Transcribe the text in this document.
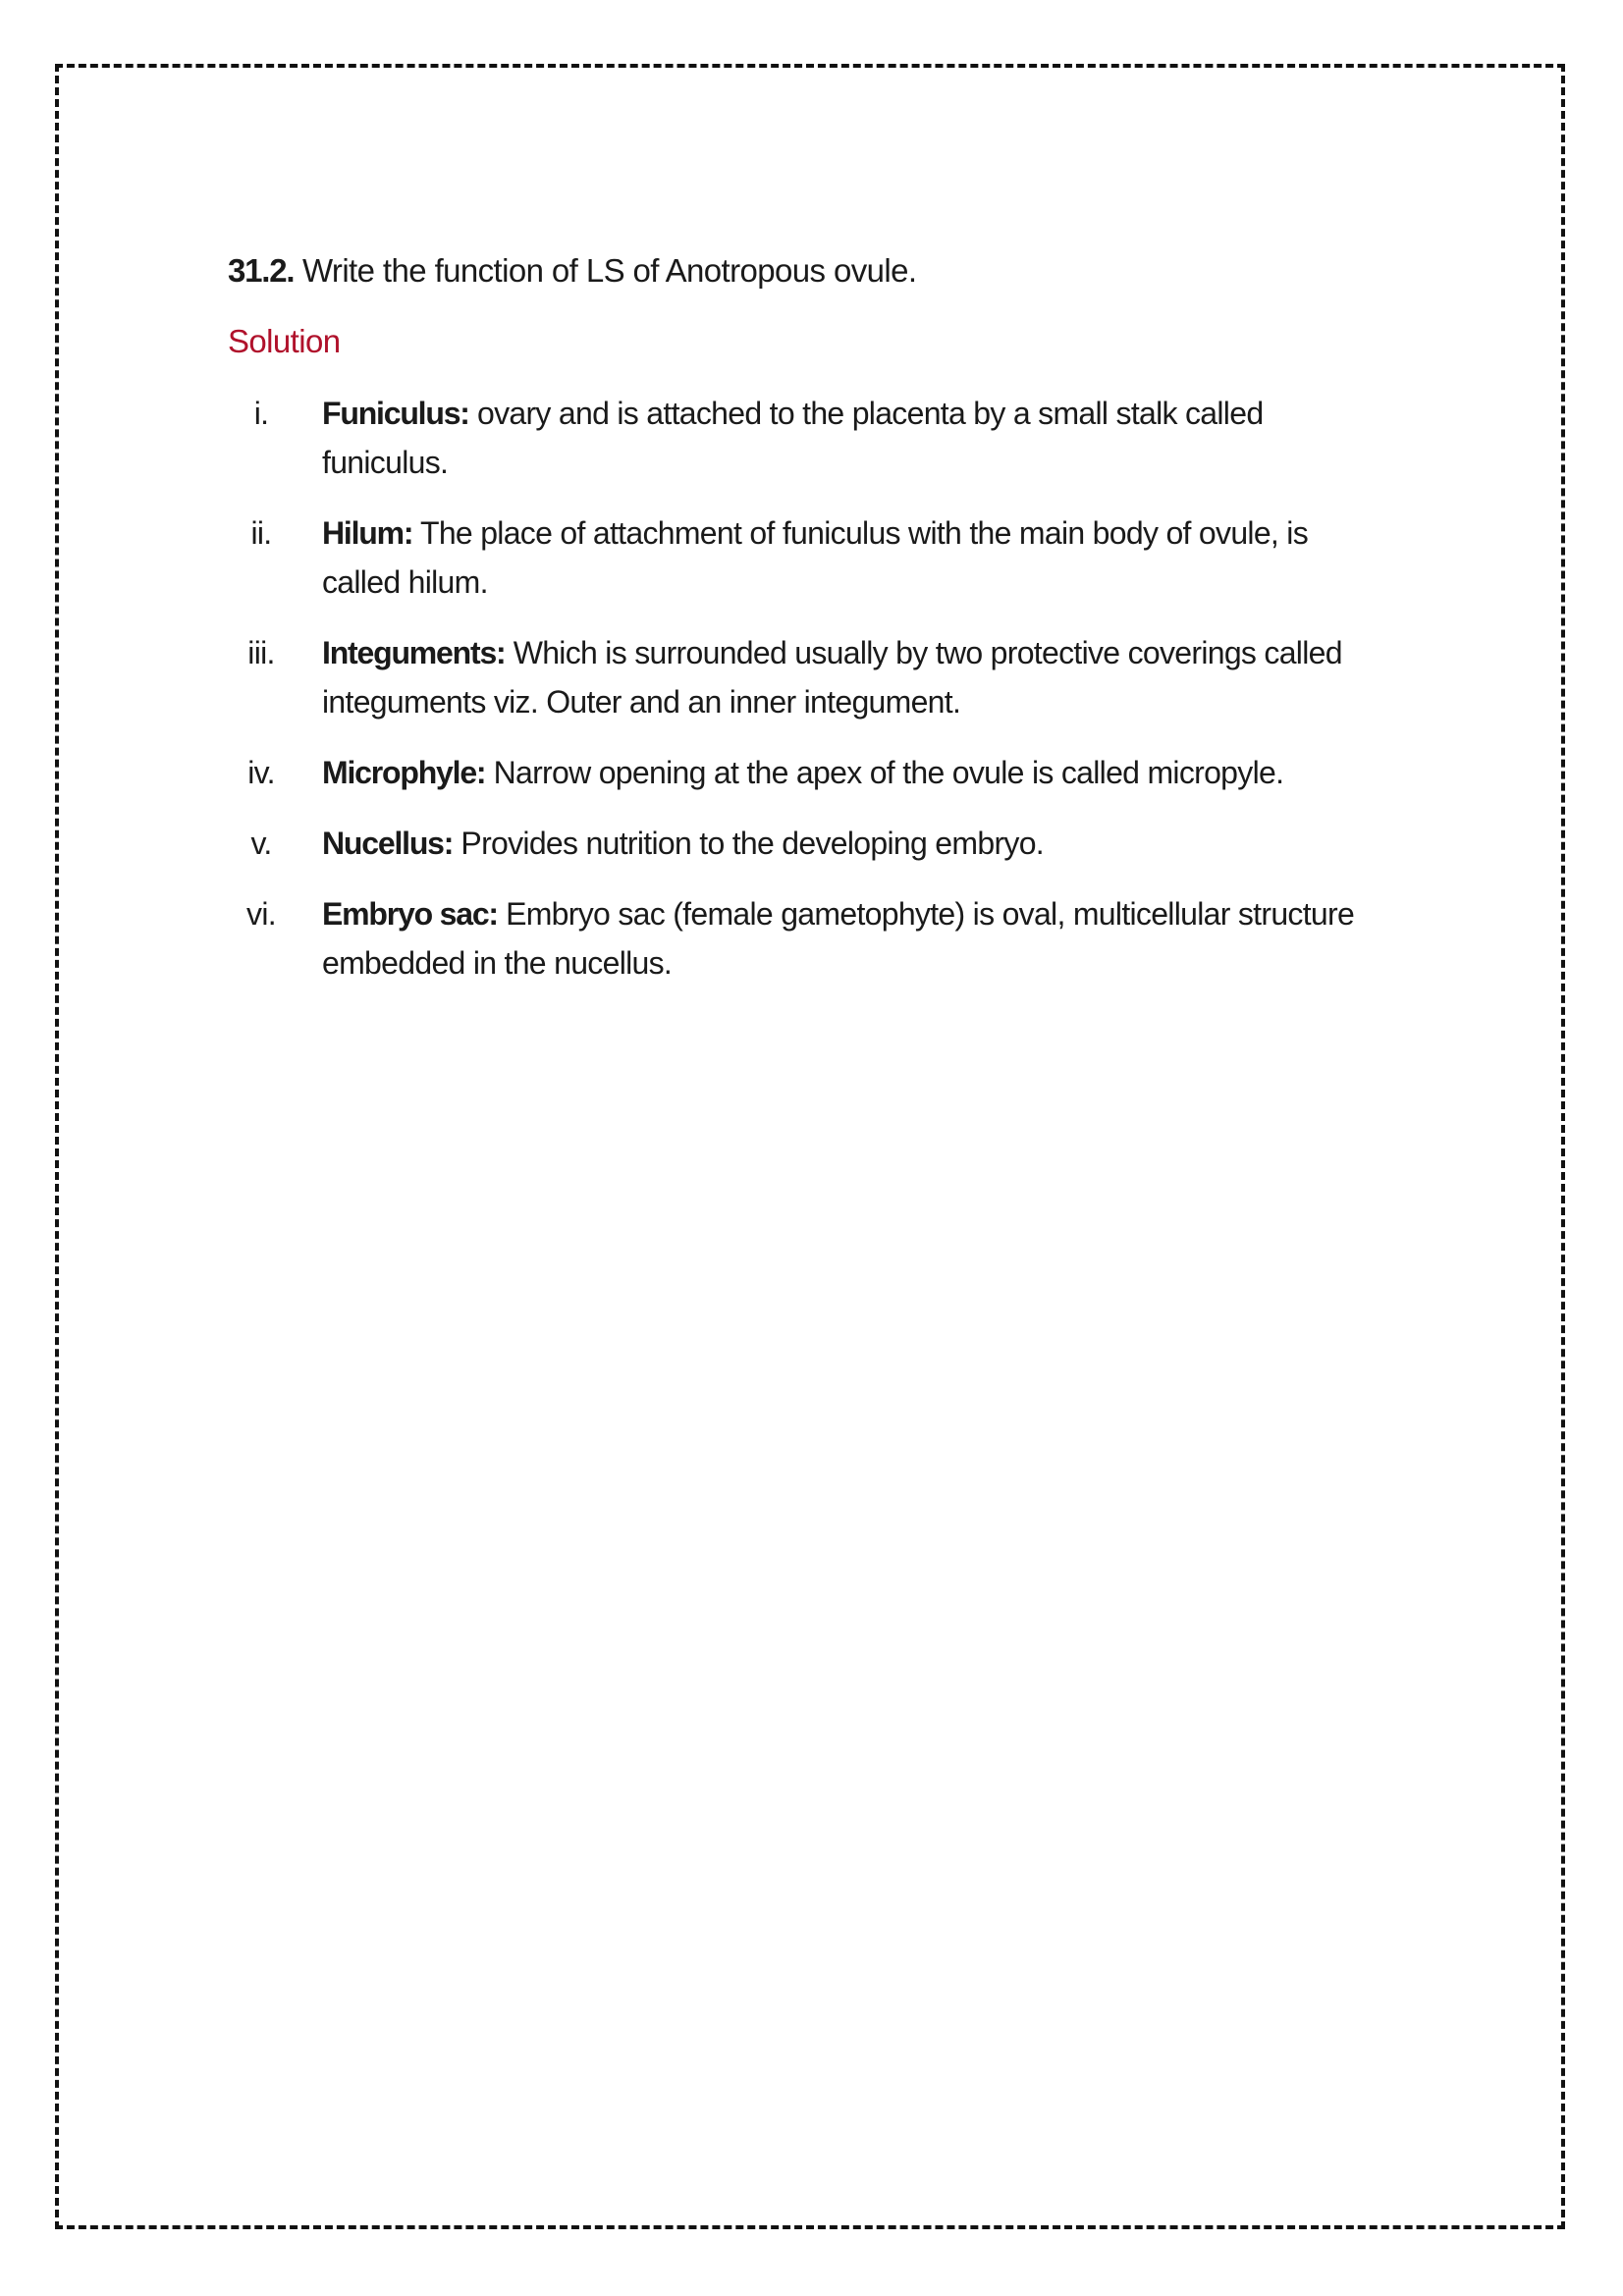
31.2. Write the function of LS of Anotropous ovule.

Solution

i.	Funiculus: ovary and is attached to the placenta by a small stalk called funiculus.
ii.	Hilum: The place of attachment of funiculus with the main body of ovule, is called hilum.
iii.	Integuments: Which is surrounded usually by two protective coverings called integuments viz. Outer and an inner integument.
iv.	Microphyle: Narrow opening at the apex of the ovule is called micropyle.
v.	Nucellus: Provides nutrition to the developing embryo.
vi.	Embryo sac: Embryo sac (female gametophyte) is oval, multicellular structure embedded in the nucellus.
